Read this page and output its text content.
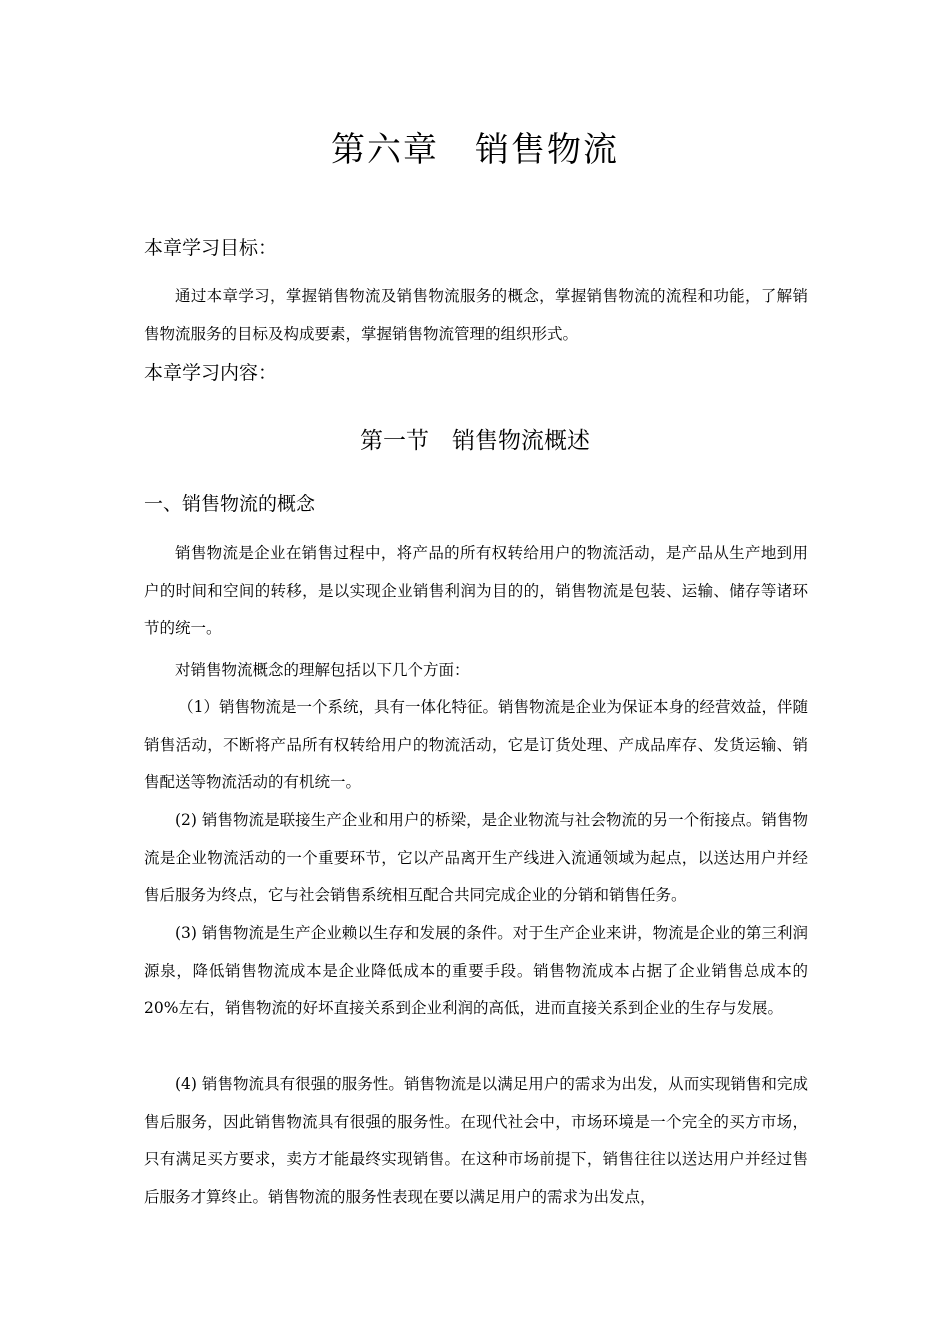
第六章　销售物流
本章学习目标：

通过本章学习，掌握销售物流及销售物流服务的概念，掌握销售物流的流程和功能，了解销售物流服务的目标及构成要素，掌握销售物流管理的组织形式。

本章学习内容：
第一节　销售物流概述
一、销售物流的概念

销售物流是企业在销售过程中，将产品的所有权转给用户的物流活动，是产品从生产地到用户的时间和空间的转移，是以实现企业销售利润为目的的，销售物流是包装、运输、储存等诸环节的统一。

对销售物流概念的理解包括以下几个方面：

（1）销售物流是一个系统，具有一体化特征。销售物流是企业为保证本身的经营效益，伴随销售活动，不断将产品所有权转给用户的物流活动，它是订货处理、产成品库存、发货运输、销售配送等物流活动的有机统一。

(2) 销售物流是联接生产企业和用户的桥梁，是企业物流与社会物流的另一个衔接点。销售物流是企业物流活动的一个重要环节，它以产品离开生产线进入流通领域为起点，以送达用户并经售后服务为终点，它与社会销售系统相互配合共同完成企业的分销和销售任务。

(3) 销售物流是生产企业赖以生存和发展的条件。对于生产企业来讲，物流是企业的第三利润源泉，降低销售物流成本是企业降低成本的重要手段。销售物流成本占据了企业销售总成本的 20%左右，销售物流的好坏直接关系到企业利润的高低，进而直接关系到企业的生存与发展。

(4) 销售物流具有很强的服务性。销售物流是以满足用户的需求为出发，从而实现销售和完成售后服务，因此销售物流具有很强的服务性。在现代社会中，市场环境是一个完全的买方市场，只有满足买方要求，卖方才能最终实现销售。在这种市场前提下，销售往往以送达用户并经过售后服务才算终止。销售物流的服务性表现在要以满足用户的需求为出发点，
